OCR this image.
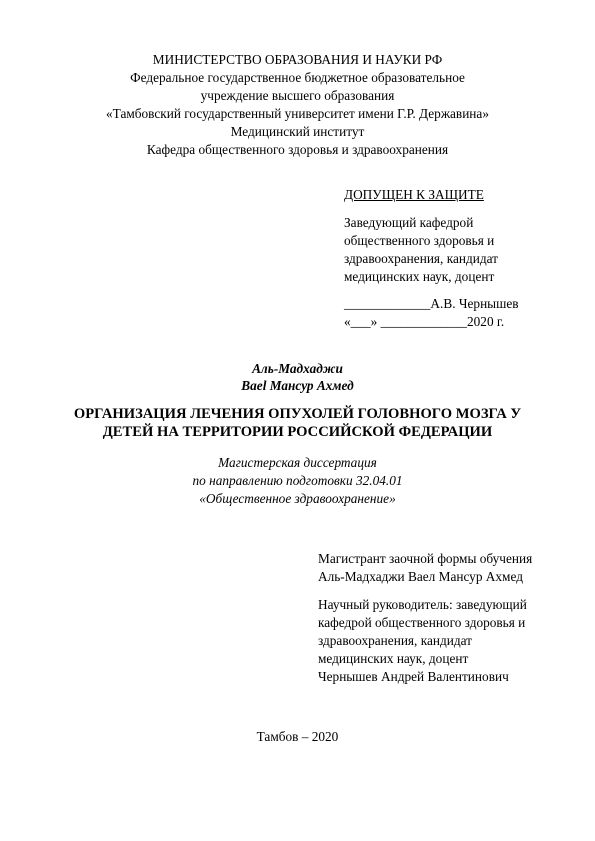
МИНИСТЕРСТВО ОБРАЗОВАНИЯ И НАУКИ РФ
Федеральное государственное бюджетное образовательное
учреждение высшего образования
«Тамбовский государственный университет имени Г.Р. Державина»
Медицинский институт
Кафедра общественного здоровья и здравоохранения
ДОПУЩЕН К ЗАЩИТЕ
Заведующий кафедрой
общественного здоровья и
здравоохранения, кандидат
медицинских наук, доцент
_____________А.В. Чернышев
«___» _____________2020 г.
Аль-Мадхаджи
Вael Мансур Ахмед
ОРГАНИЗАЦИЯ ЛЕЧЕНИЯ ОПУХОЛЕЙ ГОЛОВНОГО МОЗГА У
ДЕТЕЙ НА ТЕРРИТОРИИ РОССИЙСКОЙ ФЕДЕРАЦИИ
Магистерская диссертация
по направлению подготовки 32.04.01
«Общественное здравоохранение»
Магистрант заочной формы обучения
Аль-Мадхаджи Ваел Мансур Ахмед
Научный руководитель: заведующий
кафедрой общественного здоровья и
здравоохранения, кандидат
медицинских наук, доцент
Чернышев Андрей Валентинович
Тамбов – 2020
